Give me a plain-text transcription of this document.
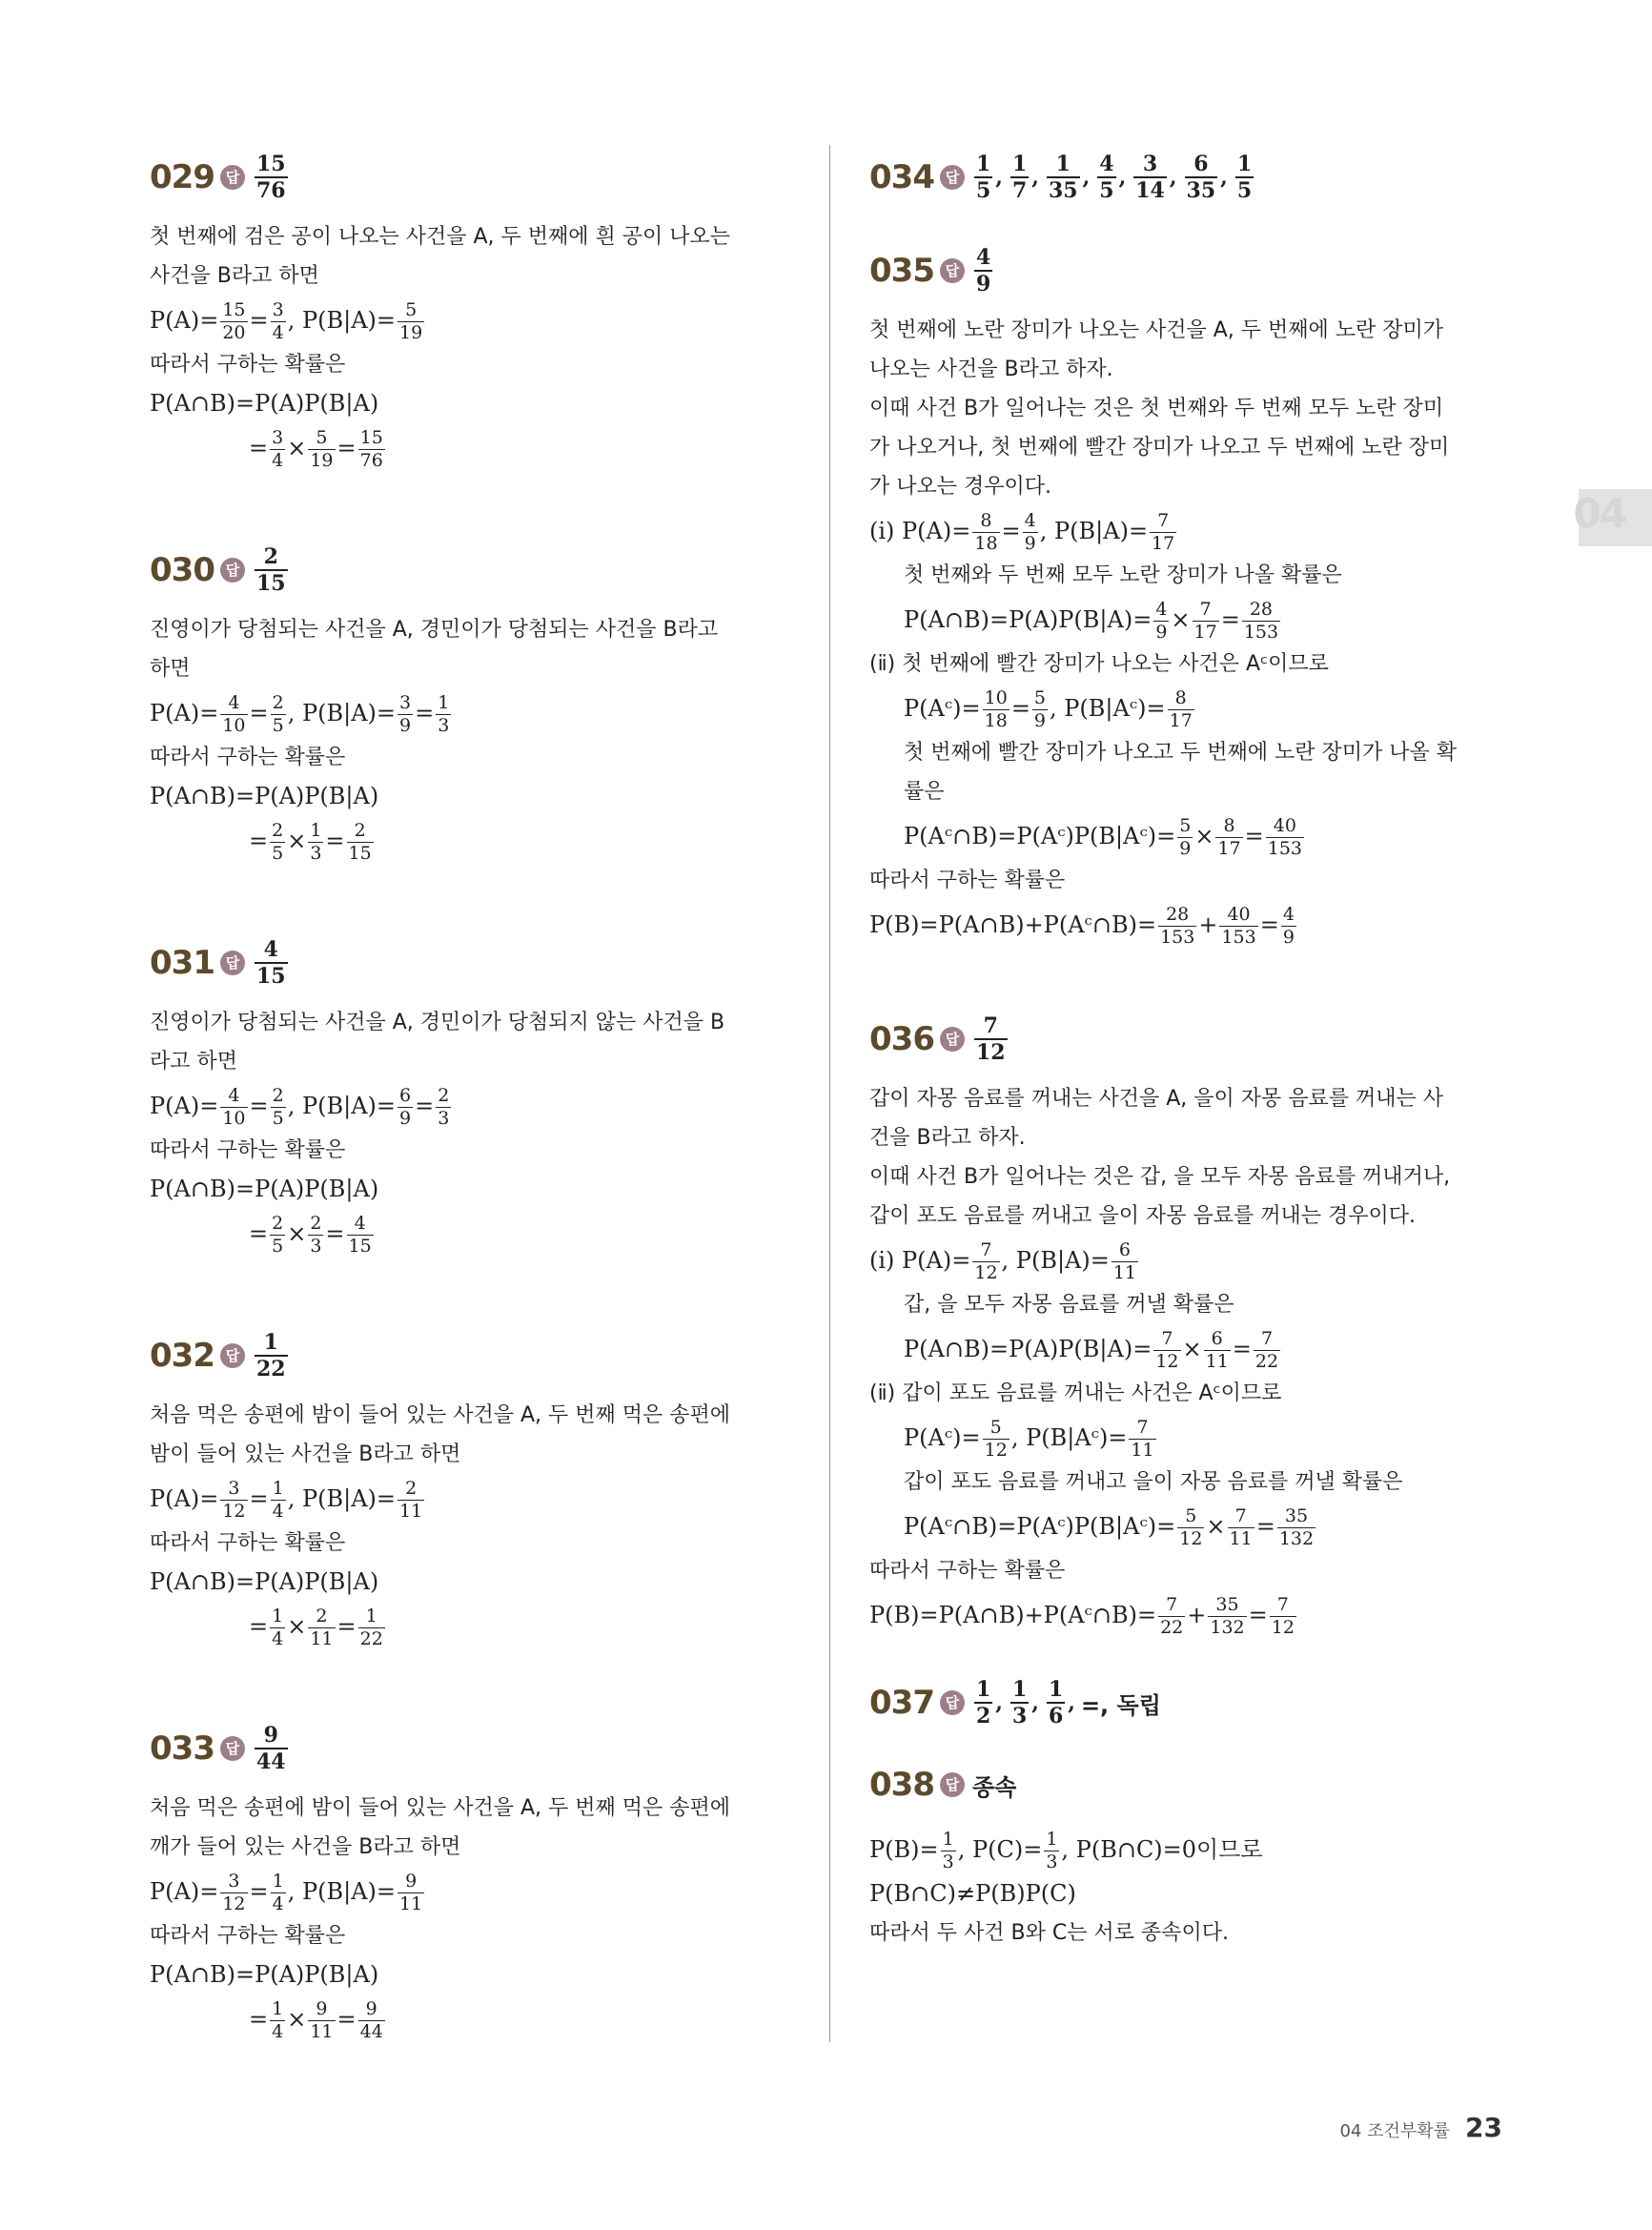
04
029 답 $\frac{15}{76}$
첫 번째에 검은 공이 나오는 사건을 A, 두 번째에 흰 공이 나오는
사건을 B라고 하면
$P(A)= \frac{15}{20} = \frac{3}{4}$ , $P(B|A)= \frac{5}{19}$
따라서 구하는 확률은
P(A∩B)=P(A)P(B|A)
= $\frac{3}{4} \times \frac{5}{19} = \frac{15}{76}$
030 답 $\frac{2}{15}$
진영이가 당첨되는 사건을 A, 경민이가 당첨되는 사건을 B라고
하면
$P(A)= \frac{4}{10} = \frac{2}{5}$ , $P(B|A)= \frac{3}{9} = \frac{1}{3}$
따라서 구하는 확률은
P(A∩B)=P(A)P(B|A)
= $\frac{2}{5} \times \frac{1}{3} = \frac{2}{15}$
031 답 $\frac{4}{15}$
진영이가 당첨되는 사건을 A, 경민이가 당첨되지 않는 사건을 B
라고 하면
$P(A)= \frac{4}{10} = \frac{2}{5}$ , $P(B|A)= \frac{6}{9} = \frac{2}{3}$
따라서 구하는 확률은
P(A∩B)=P(A)P(B|A)
= $\frac{2}{5} \times \frac{2}{3} = \frac{4}{15}$
032 답 $\frac{1}{22}$
처음 먹은 송편에 밤이 들어 있는 사건을 A, 두 번째 먹은 송편에
밤이 들어 있는 사건을 B라고 하면
$P(A)= \frac{3}{12} = \frac{1}{4}$ , $P(B|A)= \frac{2}{11}$
따라서 구하는 확률은
P(A∩B)=P(A)P(B|A)
= $\frac{1}{4} \times \frac{2}{11} = \frac{1}{22}$
033 답 $\frac{9}{44}$
처음 먹은 송편에 밤이 들어 있는 사건을 A, 두 번째 먹은 송편에
깨가 들어 있는 사건을 B라고 하면
$P(A)= \frac{3}{12} = \frac{1}{4}$ , $P(B|A)= \frac{9}{11}$
따라서 구하는 확률은
P(A∩B)=P(A)P(B|A)
= $\frac{1}{4} \times \frac{9}{11} = \frac{9}{44}$
034 답 $\frac{1}{5}$ , $\frac{1}{7}$ , $\frac{1}{35}$ , $\frac{4}{5}$ , $\frac{3}{14}$ , $\frac{6}{35}$ , $\frac{1}{5}$
035 답 $\frac{4}{9}$
첫 번째에 노란 장미가 나오는 사건을 A, 두 번째에 노란 장미가
나오는 사건을 B라고 하자.
이때 사건 B가 일어나는 것은 첫 번째와 두 번째 모두 노란 장미
가 나오거나, 첫 번째에 빨간 장미가 나오고 두 번째에 노란 장미
가 나오는 경우이다.
(ⅰ) $P(A)= \frac{8}{18} = \frac{4}{9}$ , $P(B|A)= \frac{7}{17}$
첫 번째와 두 번째 모두 노란 장미가 나올 확률은
P(A∩B)=P(A)P(B|A)= $\frac{4}{9} \times \frac{7}{17} = \frac{28}{153}$
(ⅱ) 첫 번째에 빨간 장미가 나오는 사건은 Aᶜ이므로
P(Aᶜ)= $\frac{10}{18} = \frac{5}{9}$ , P(B|Aᶜ)= $\frac{8}{17}$
첫 번째에 빨간 장미가 나오고 두 번째에 노란 장미가 나올 확
률은
P(Aᶜ∩B)=P(Aᶜ)P(B|Aᶜ)= $\frac{5}{9} \times \frac{8}{17} = \frac{40}{153}$
따라서 구하는 확률은
P(B)=P(A∩B)+P(Aᶜ∩B)= $\frac{28}{153} + \frac{40}{153} = \frac{4}{9}$
036 답 $\frac{7}{12}$
갑이 자몽 음료를 꺼내는 사건을 A, 을이 자몽 음료를 꺼내는 사
건을 B라고 하자.
이때 사건 B가 일어나는 것은 갑, 을 모두 자몽 음료를 꺼내거나,
갑이 포도 음료를 꺼내고 을이 자몽 음료를 꺼내는 경우이다.
(ⅰ) $P(A)= \frac{7}{12}$ , $P(B|A)= \frac{6}{11}$
갑, 을 모두 자몽 음료를 꺼낼 확률은
P(A∩B)=P(A)P(B|A)= $\frac{7}{12} \times \frac{6}{11} = \frac{7}{22}$
(ⅱ) 갑이 포도 음료를 꺼내는 사건은 Aᶜ이므로
P(Aᶜ)= $\frac{5}{12}$ , P(B|Aᶜ)= $\frac{7}{11}$
갑이 포도 음료를 꺼내고 을이 자몽 음료를 꺼낼 확률은
P(Aᶜ∩B)=P(Aᶜ)P(B|Aᶜ)= $\frac{5}{12} \times \frac{7}{11} = \frac{35}{132}$
따라서 구하는 확률은
P(B)=P(A∩B)+P(Aᶜ∩B)= $\frac{7}{22} + \frac{35}{132} = \frac{7}{12}$
037 답 $\frac{1}{2}$ , $\frac{1}{3}$ , $\frac{1}{6}$ , =, 독립
038 답 종속
$P(B)= \frac{1}{3}$ , $P(C)= \frac{1}{3}$ , P(B∩C)=0이므로
P(B∩C)≠P(B)P(C)
따라서 두 사건 B와 C는 서로 종속이다.
04 조건부확률 23
